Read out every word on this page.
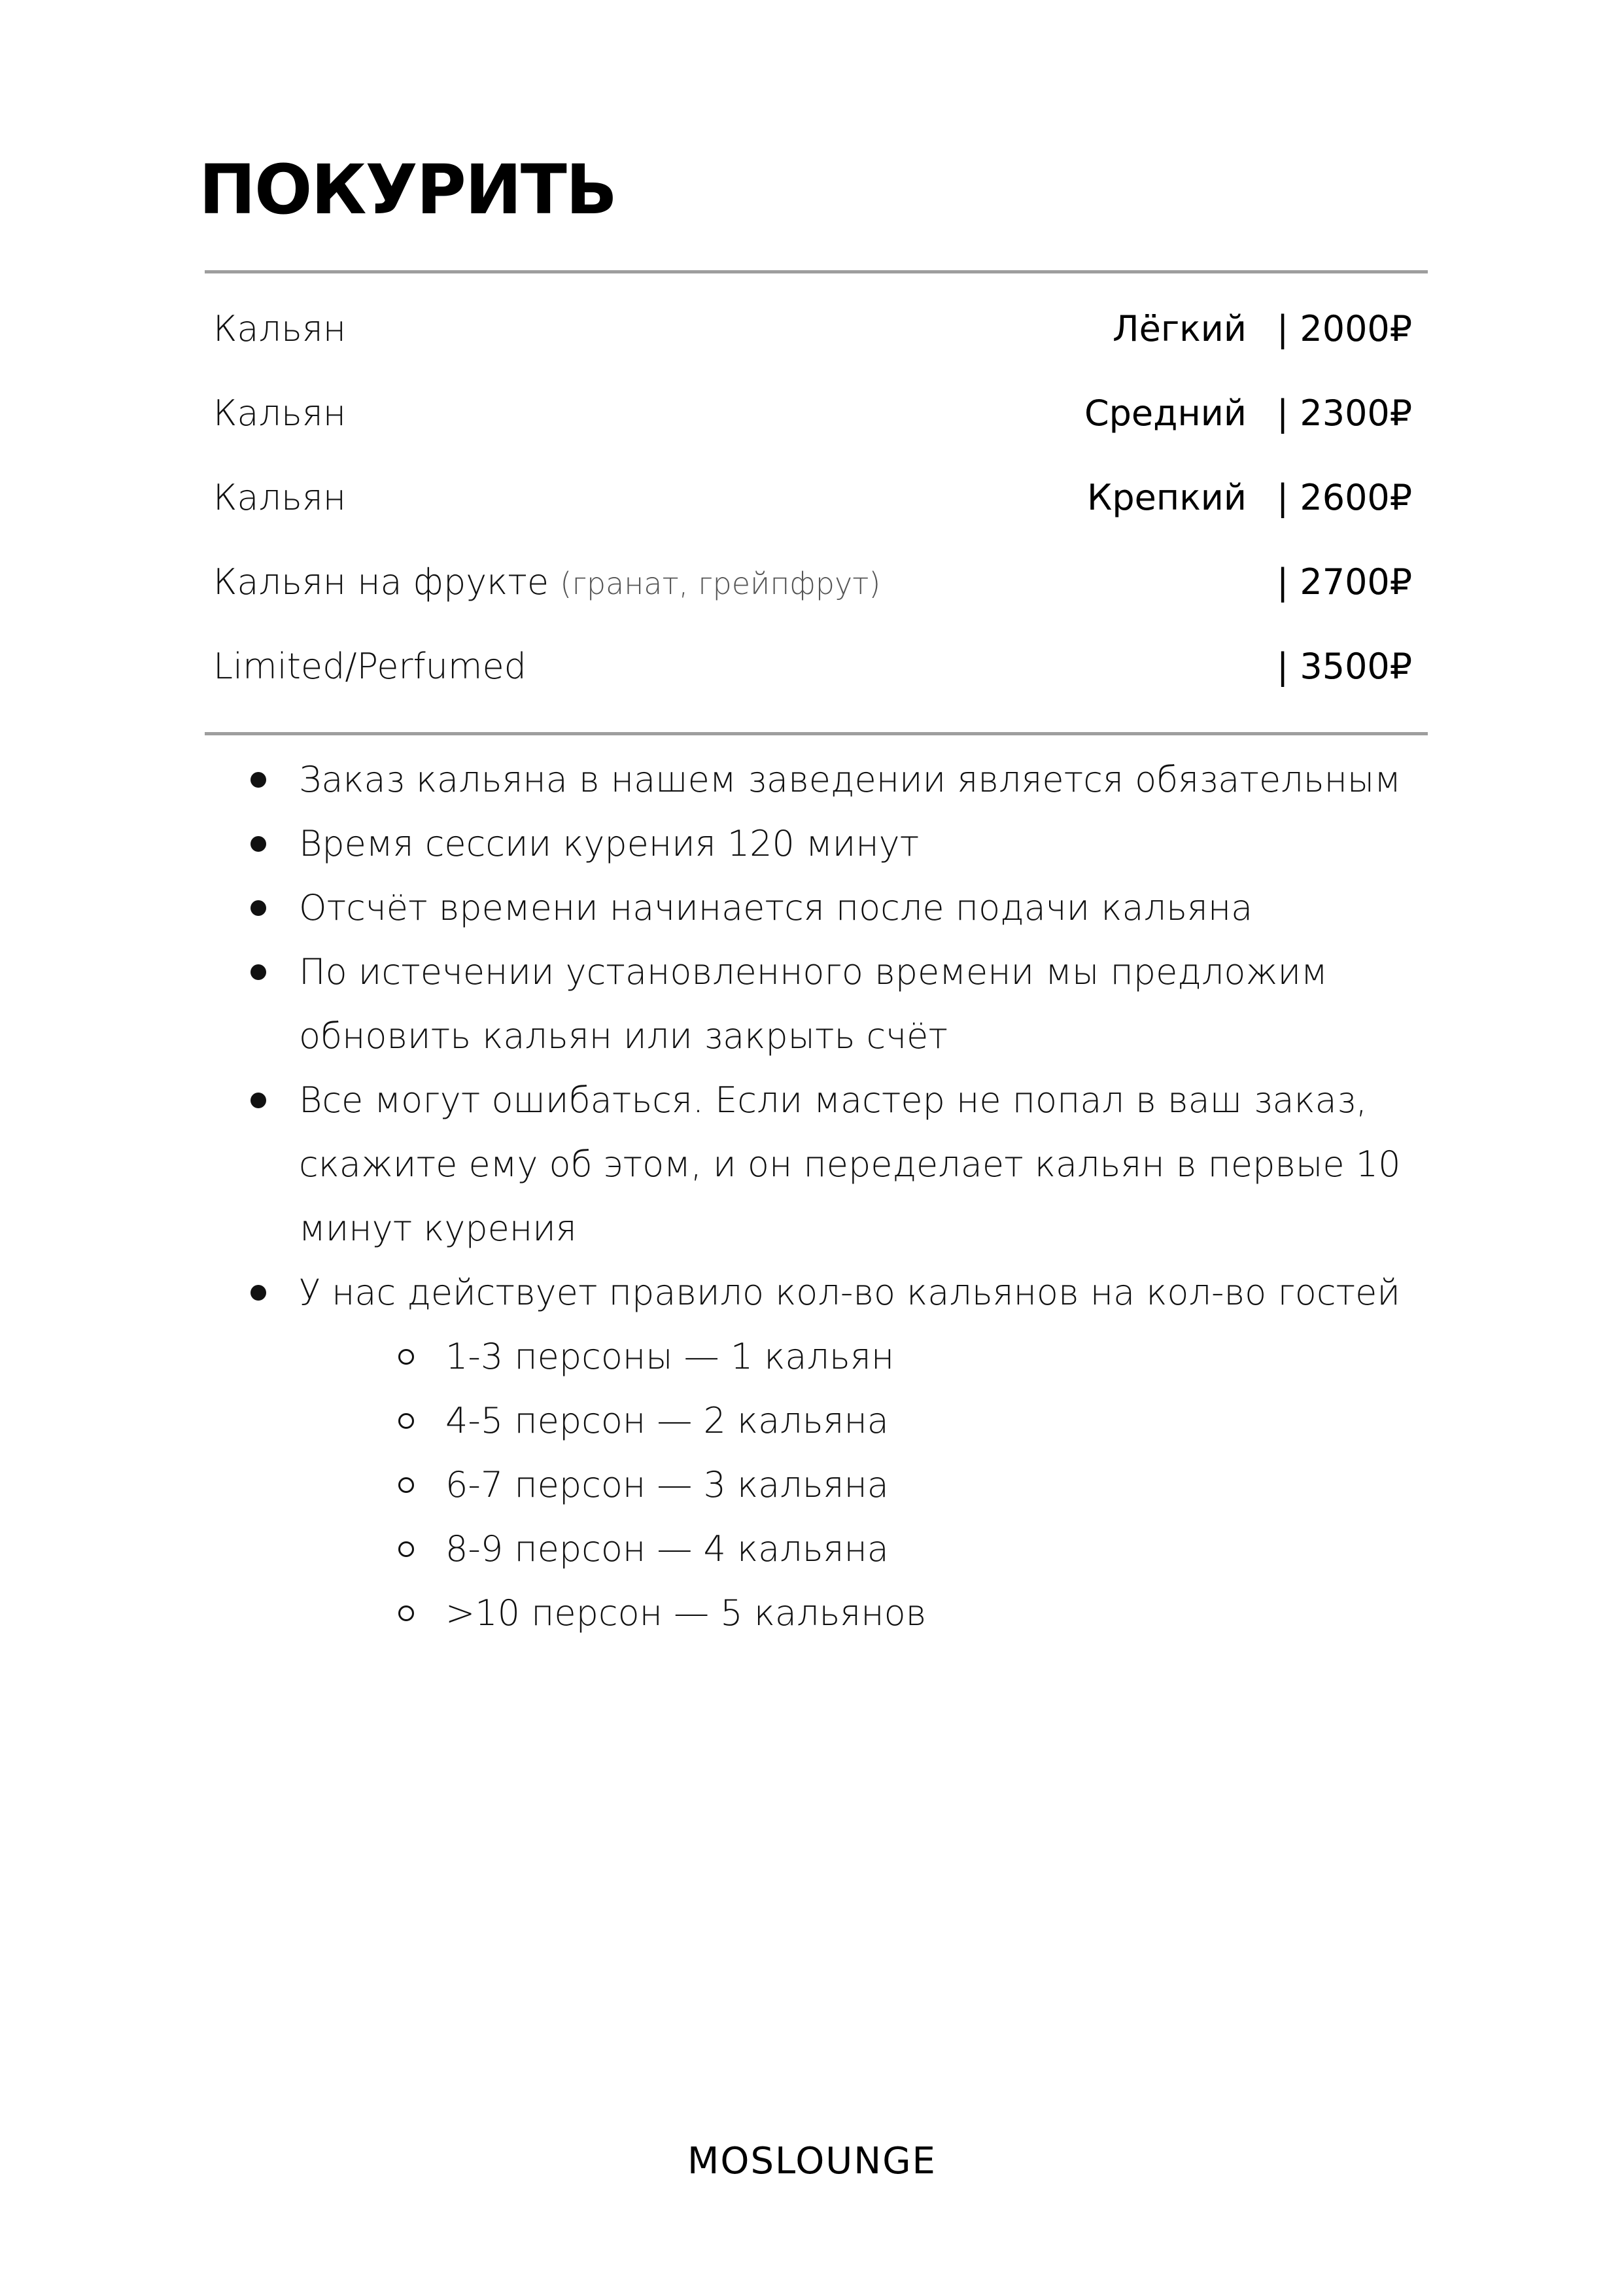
ПОКУРИТЬ
Кальян	Лёгкий | 2000₽
Кальян	Средний | 2300₽
Кальян	Крепкий | 2600₽
Кальян на фрукте (гранат, грейпфрут)	| 2700₽
Limited/Perfumed	| 3500₽
Заказ кальяна в нашем заведении является обязательным
Время сессии курения 120 минут
Отсчёт времени начинается после подачи кальяна
По истечении установленного времени мы предложим обновить кальян или закрыть счёт
Все могут ошибаться. Если мастер не попал в ваш заказ, скажите ему об этом, и он переделает кальян в первые 10 минут курения
У нас действует правило кол-во кальянов на кол-во гостей
1-3 персоны — 1 кальян
4-5 персон — 2 кальяна
6-7 персон — 3 кальяна
8-9 персон — 4 кальяна
>10 персон — 5 кальянов
MOSLOUNGE
